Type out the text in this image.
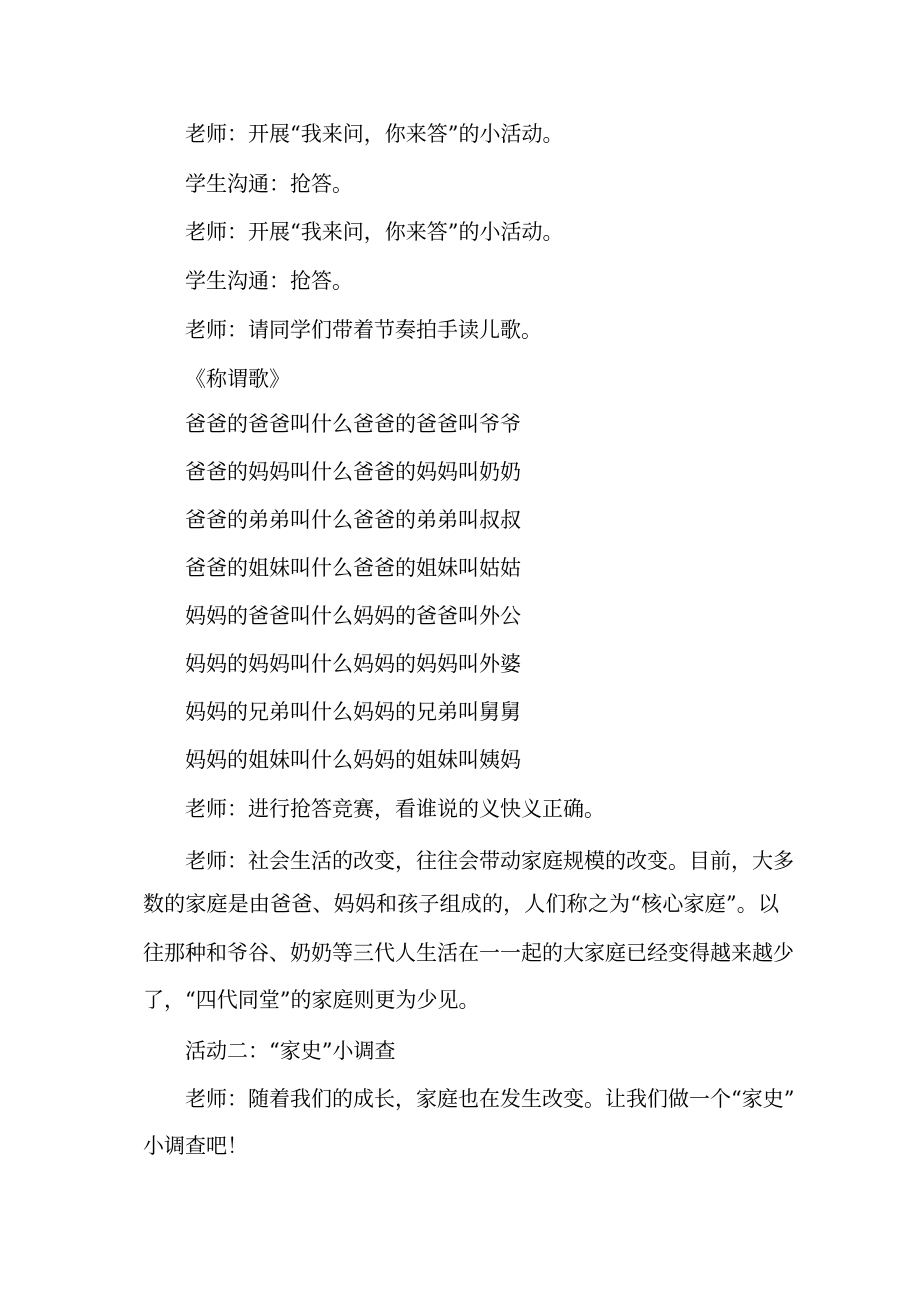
老师：开展“我来问，你来答”的小活动。
学生沟通：抢答。
老师：开展“我来问，你来答”的小活动。
学生沟通：抢答。
老师：请同学们带着节奏拍手读儿歌。
《称谓歌》
爸爸的爸爸叫什么爸爸的爸爸叫爷爷
爸爸的妈妈叫什么爸爸的妈妈叫奶奶
爸爸的弟弟叫什么爸爸的弟弟叫叔叔
爸爸的姐妹叫什么爸爸的姐妹叫姑姑
妈妈的爸爸叫什么妈妈的爸爸叫外公
妈妈的妈妈叫什么妈妈的妈妈叫外婆
妈妈的兄弟叫什么妈妈的兄弟叫舅舅
妈妈的姐妹叫什么妈妈的姐妹叫姨妈
老师：进行抢答竞赛，看谁说的义快义正确。
老师：社会生活的改变，往往会带动家庭规模的改变。目前，大多
数的家庭是由爸爸、妈妈和孩子组成的，人们称之为“核心家庭”。以
往那种和爷谷、奶奶等三代人生活在一一起的大家庭已经变得越来越少
了，“四代同堂”的家庭则更为少见。
活动二：“家史”小调查
老师：随着我们的成长，家庭也在发生改变。让我们做一个“家史”
小调查吧！
